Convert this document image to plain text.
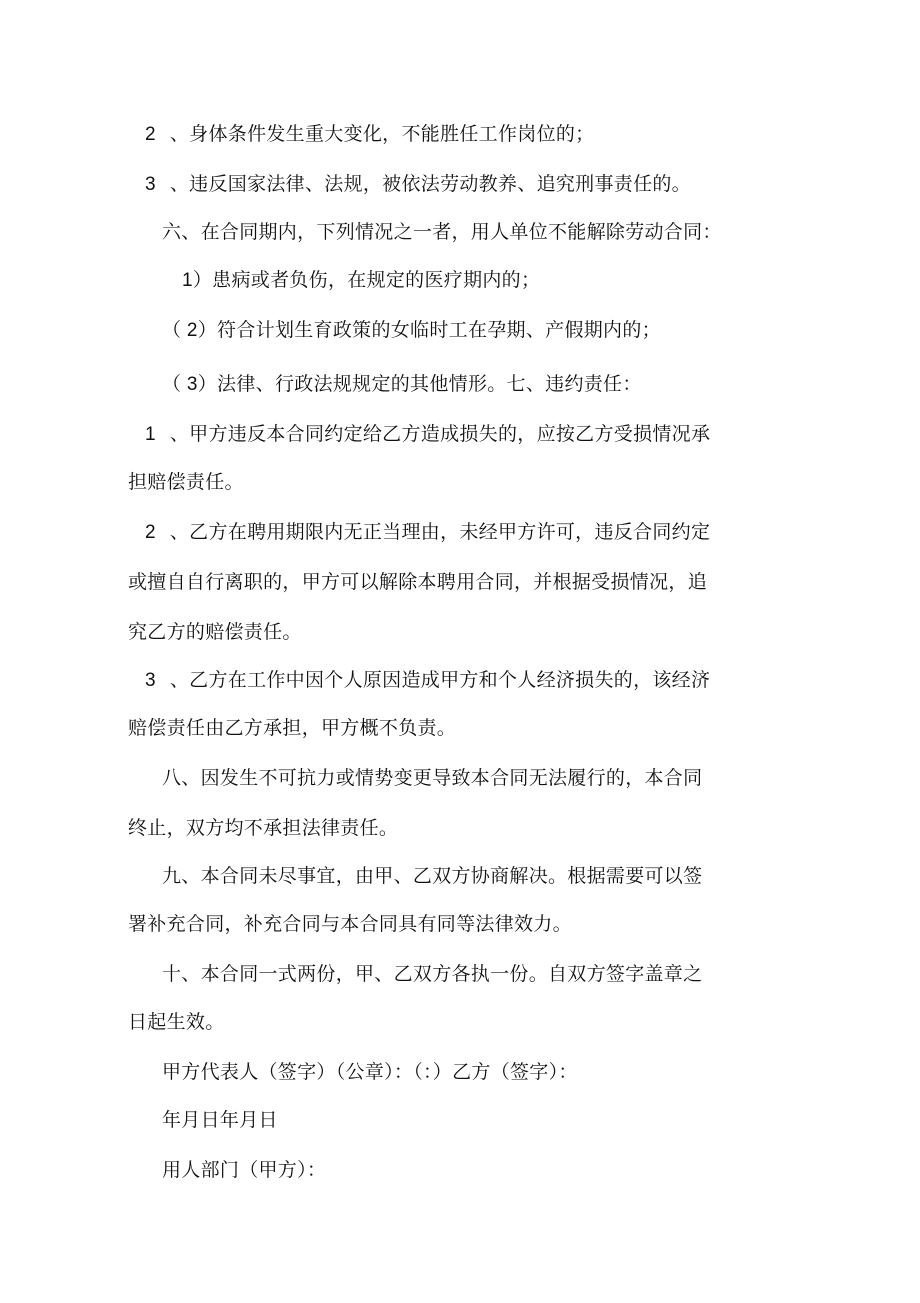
2 、身体条件发生重大变化，不能胜任工作岗位的；
3 、违反国家法律、法规，被依法劳动教养、追究刑事责任的。
六、在合同期内，下列情况之一者，用人单位不能解除劳动合同：
1）患病或者负伤，在规定的医疗期内的；
（ 2）符合计划生育政策的女临时工在孕期、产假期内的；
（ 3）法律、行政法规规定的其他情形。七、违约责任：
1 、甲方违反本合同约定给乙方造成损失的，应按乙方受损情况承
担赔偿责任。
2 、乙方在聘用期限内无正当理由，未经甲方许可，违反合同约定
或擅自自行离职的，甲方可以解除本聘用合同，并根据受损情况，追
究乙方的赔偿责任。
3 、乙方在工作中因个人原因造成甲方和个人经济损失的，该经济
赔偿责任由乙方承担，甲方概不负责。
八、因发生不可抗力或情势变更导致本合同无法履行的，本合同
终止，双方均不承担法律责任。
九、本合同未尽事宜，由甲、乙双方协商解决。根据需要可以签
署补充合同，补充合同与本合同具有同等法律效力。
十、本合同一式两份，甲、乙双方各执一份。自双方签字盖章之
日起生效。
甲方代表人（签字）（公章）：（：）乙方（签字）：
年月日年月日
用人部门（甲方）：
